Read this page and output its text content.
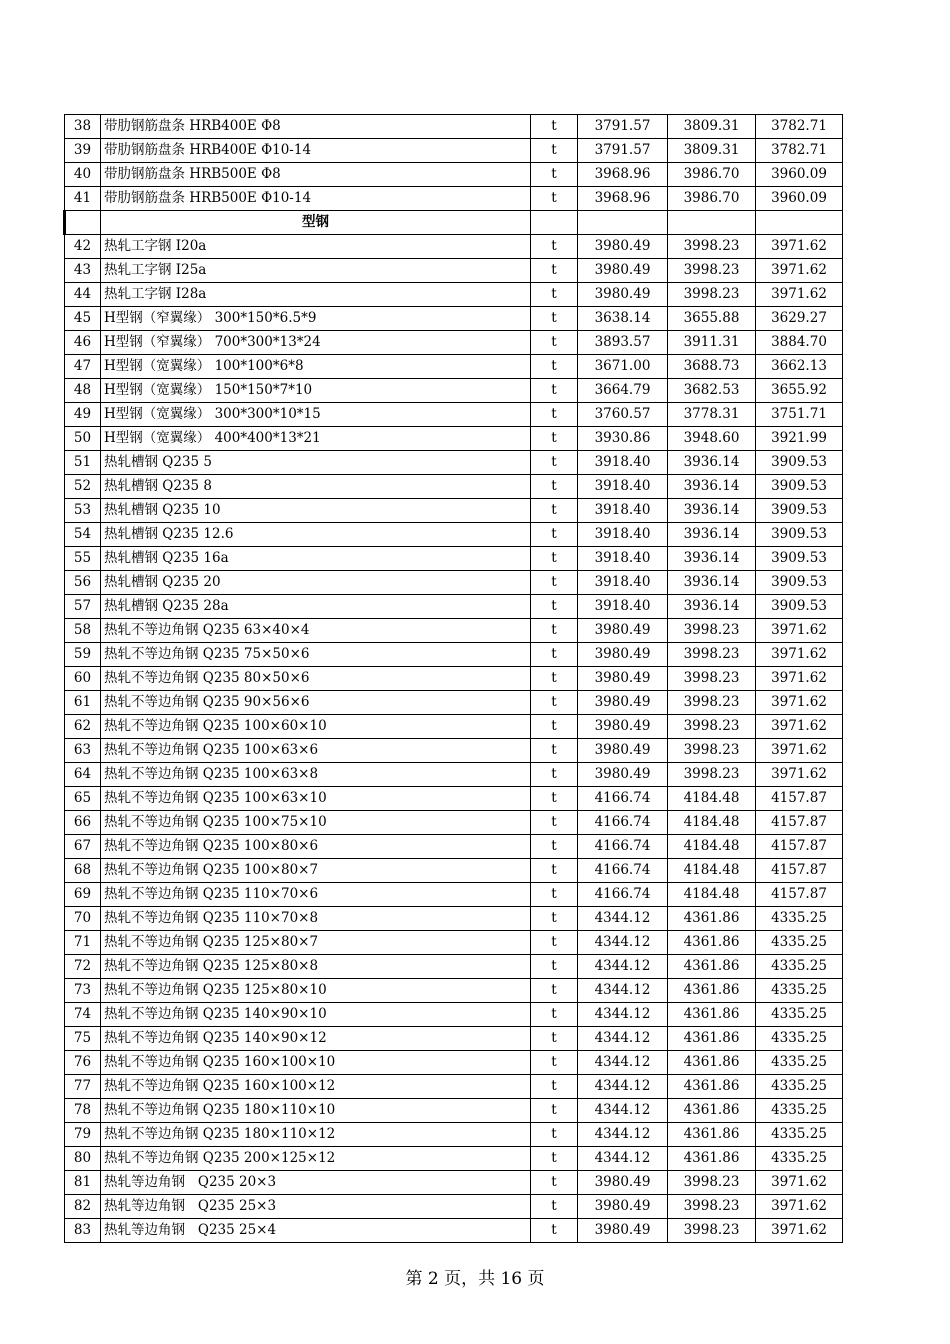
38	带肋钢筋盘条 HRB400E Φ8	t	3791.57	3809.31	3782.71
39	带肋钢筋盘条 HRB400E Φ10-14	t	3791.57	3809.31	3782.71
40	带肋钢筋盘条 HRB500E Φ8	t	3968.96	3986.70	3960.09
41	带肋钢筋盘条 HRB500E Φ10-14	t	3968.96	3986.70	3960.09
	型钢				
42	热轧工字钢 I20a	t	3980.49	3998.23	3971.62
43	热轧工字钢 I25a	t	3980.49	3998.23	3971.62
44	热轧工字钢 I28a	t	3980.49	3998.23	3971.62
45	H型钢（窄翼缘） 300*150*6.5*9	t	3638.14	3655.88	3629.27
46	H型钢（窄翼缘） 700*300*13*24	t	3893.57	3911.31	3884.70
47	H型钢（宽翼缘） 100*100*6*8	t	3671.00	3688.73	3662.13
48	H型钢（宽翼缘） 150*150*7*10	t	3664.79	3682.53	3655.92
49	H型钢（宽翼缘） 300*300*10*15	t	3760.57	3778.31	3751.71
50	H型钢（宽翼缘） 400*400*13*21	t	3930.86	3948.60	3921.99
51	热轧槽钢 Q235 5	t	3918.40	3936.14	3909.53
52	热轧槽钢 Q235 8	t	3918.40	3936.14	3909.53
53	热轧槽钢 Q235 10	t	3918.40	3936.14	3909.53
54	热轧槽钢 Q235 12.6	t	3918.40	3936.14	3909.53
55	热轧槽钢 Q235 16a	t	3918.40	3936.14	3909.53
56	热轧槽钢 Q235 20	t	3918.40	3936.14	3909.53
57	热轧槽钢 Q235 28a	t	3918.40	3936.14	3909.53
58	热轧不等边角钢 Q235 63×40×4	t	3980.49	3998.23	3971.62
59	热轧不等边角钢 Q235 75×50×6	t	3980.49	3998.23	3971.62
60	热轧不等边角钢 Q235 80×50×6	t	3980.49	3998.23	3971.62
61	热轧不等边角钢 Q235 90×56×6	t	3980.49	3998.23	3971.62
62	热轧不等边角钢 Q235 100×60×10	t	3980.49	3998.23	3971.62
63	热轧不等边角钢 Q235 100×63×6	t	3980.49	3998.23	3971.62
64	热轧不等边角钢 Q235 100×63×8	t	3980.49	3998.23	3971.62
65	热轧不等边角钢 Q235 100×63×10	t	4166.74	4184.48	4157.87
66	热轧不等边角钢 Q235 100×75×10	t	4166.74	4184.48	4157.87
67	热轧不等边角钢 Q235 100×80×6	t	4166.74	4184.48	4157.87
68	热轧不等边角钢 Q235 100×80×7	t	4166.74	4184.48	4157.87
69	热轧不等边角钢 Q235 110×70×6	t	4166.74	4184.48	4157.87
70	热轧不等边角钢 Q235 110×70×8	t	4344.12	4361.86	4335.25
71	热轧不等边角钢 Q235 125×80×7	t	4344.12	4361.86	4335.25
72	热轧不等边角钢 Q235 125×80×8	t	4344.12	4361.86	4335.25
73	热轧不等边角钢 Q235 125×80×10	t	4344.12	4361.86	4335.25
74	热轧不等边角钢 Q235 140×90×10	t	4344.12	4361.86	4335.25
75	热轧不等边角钢 Q235 140×90×12	t	4344.12	4361.86	4335.25
76	热轧不等边角钢 Q235 160×100×10	t	4344.12	4361.86	4335.25
77	热轧不等边角钢 Q235 160×100×12	t	4344.12	4361.86	4335.25
78	热轧不等边角钢 Q235 180×110×10	t	4344.12	4361.86	4335.25
79	热轧不等边角钢 Q235 180×110×12	t	4344.12	4361.86	4335.25
80	热轧不等边角钢 Q235 200×125×12	t	4344.12	4361.86	4335.25
81	热轧等边角钢   Q235 20×3	t	3980.49	3998.23	3971.62
82	热轧等边角钢   Q235 25×3	t	3980.49	3998.23	3971.62
83	热轧等边角钢   Q235 25×4	t	3980.49	3998.23	3971.62
第 2 页，共 16 页
